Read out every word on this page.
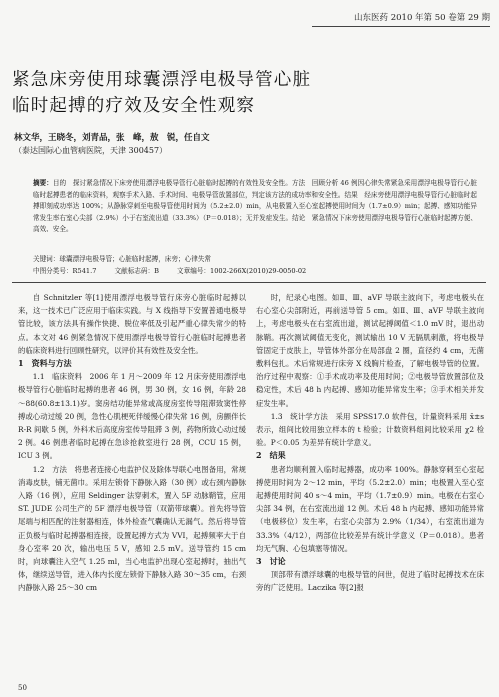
山东医药 2010 年第 50 卷第 29 期
紧急床旁使用球囊漂浮电极导管心脏
临时起搏的疗效及安全性观察
林文华，王晓冬，刘青品，张　峰，敖　锐，任自文
（泰达国际心血管病医院，天津 300457）
摘要：目的　探讨紧急情况下床旁使用漂浮电极导管行心脏临时起搏的有效性及安全性。方法　回顾分析 46 例因心律失常紧急采用漂浮电极导管行心脏临时起搏患者的临床资料，观察手术入路、手术时间、电极导管放置部位，判定该方法的成功率和安全性。结果　经床旁使用漂浮电极导管行心脏临时起搏即刻成功率达 100%；从静脉穿刺至电极导管使用时间为（5.2±2.0）min，从电极置入至心室起搏使用时间为（1.7±0.9）min；起搏、感知功能异常发生率右室心尖部（2.9%）小于右室流出道（33.3%）（P＝0.018）；无并发症发生。结论　紧急情况下床旁使用漂浮电极导管行心脏临时起搏方便、高效、安全。
关键词：球囊漂浮电极导管；心脏临时起搏，床旁；心律失常
中图分类号：R541.7	文献标志码：B	文章编号：1002-266X(2010)29-0050-02

自 Schnitzler 等[1]使用漂浮电极导管行床旁心脏临时起搏以来，这一技术已广泛应用于临床实践。与 X 线指导下安置普通电极导管比较，该方法具有操作快捷、脱位率低及引起严重心律失常少的特点。本文对 46 例紧急情况下使用漂浮电极导管行心脏临时起搏患者的临床资料进行回顾性研究，以评价其有效性及安全性。

1　资料与方法

1.1　临床资料　2006 年 1 月～2009 年 12 月床旁使用漂浮电极导管行心脏临时起搏的患者 46 例，男 30 例，女 16 例，年龄 28～88(60.8±13.1)岁。窦房结功能异常或高度房室传导阻滞致窦性停搏或心动过缓 20 例，急性心肌梗死伴缓慢心律失常 16 例，房颤伴长 R-R 间歇 5 例，外科术后高度房室传导阻滞 3 例，药物所致心动过缓 2 例。46 例患者临时起搏在急诊抢救室进行 28 例，CCU 15 例，ICU 3 例。

1.2　方法　将患者连接心电监护仪及除体导联心电图备用，常规消毒皮肤，铺无菌巾。采用左锁骨下静脉入路（30 例）或右颈内静脉入路（16 例），应用 Seldinger 法穿刺术，置入 5F 动脉鞘管，应用 ST. JUDE 公司生产的 5F 漂浮电极导管（双箭带球囊）。首先将导管尾端与相匹配的注射器相连，体外检查气囊确认无漏气。然后将导管正负极与临时起搏器相连接，设置起搏方式为 VVI，起搏频率大于自身心室率 20 次，输出电压 5 V，感知 2.5 mV。送导管约 15 cm 时，向球囊注入空气 1.25 ml，当心电监护出现心室起搏时，抽出气体，继续送导管，进入体内长度左锁骨下静脉入路 30～35 cm，右颈内静脉入路 25～30 cm

时，纪录心电图。如Ⅱ、Ⅲ、aVF 导联主波向下，考虑电极头在右心室心尖部附近，再前送导管 5 cm。如Ⅱ、Ⅲ、aVF 导联主波向上，考虑电极头在右室流出道，测试起搏阈值＜1.0 mV 时，退出动脉鞘。再次测试阈值无变化，测试输出 10 V 无膈肌刺激，将电极导管固定于皮肤上，导管体外部分在局部盘 2 圈，直径约 4 cm，无菌敷料包扎。术后常规进行床旁 X 线胸片检查，了解电极导管的位置。治疗过程中观察：①手术成功率及使用时间；②电极导管放置部位及稳定性，术后 48 h 内起搏、感知功能异常发生率；③手术相关并发症发生率。

1.3　统计学方法　采用 SPSS17.0 软件包，计量资料采用 x̄±s 表示，组间比较用独立样本的 t 检验；计数资料组间比较采用 χ2 检验。P＜0.05 为差异有统计学意义。

2　结果

患者均顺利置入临时起搏器，成功率 100%。静脉穿刺至心室起搏使用时间为 2～12 min，平均（5.2±2.0）min；电极置入至心室起搏使用时间 40 s～4 min，平均（1.7±0.9）min。电极在右室心尖部 34 例，在右室流出道 12 例。术后 48 h 内起搏、感知功能异常（电极移位）发生率，右室心尖部为 2.9%（1/34），右室流出道为 33.3%（4/12），两部位比较差异有统计学意义（P＝0.018）。患者均无气胸、心包填塞等情况。

3　讨论

顶部带有漂浮球囊的电极导管的问世，促进了临时起搏技术在床旁的广泛使用。Laczika 等[2]报

50
